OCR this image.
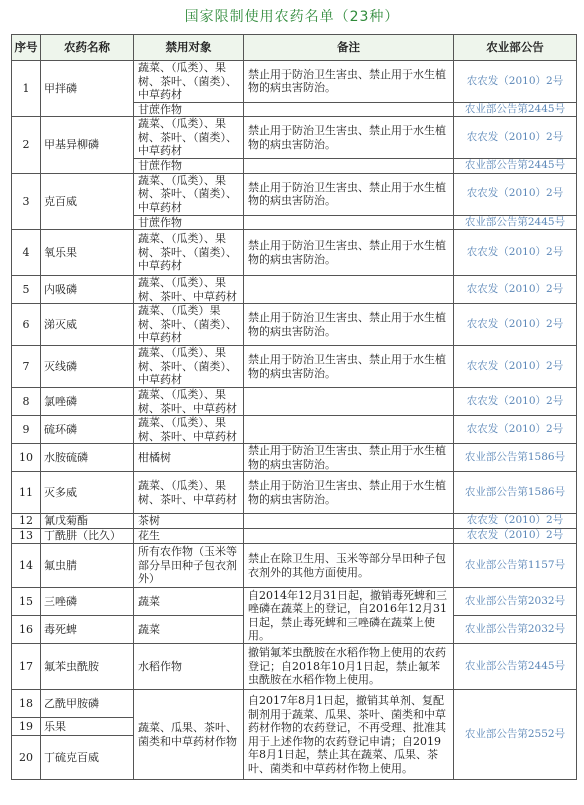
国家限制使用农药名单（23种）
序号	农药名称	禁用对象	备注	农业部公告
1	甲拌磷	蔬菜、（瓜类）、果树、茶叶、（菌类）、中草药材	禁止用于防治卫生害虫、禁止用于水生植物的病虫害防治。	农农发（2010）2号
		甘蔗作物		农业部公告第2445号
2	甲基异柳磷	蔬菜、（瓜类）、果树、茶叶、（菌类）、中草药材	禁止用于防治卫生害虫、禁止用于水生植物的病虫害防治。	农农发（2010）2号
		甘蔗作物		农业部公告第2445号
3	克百威	蔬菜、（瓜类）、果树、茶叶、（菌类）、中草药材	禁止用于防治卫生害虫、禁止用于水生植物的病虫害防治。	农农发（2010）2号
		甘蔗作物		农业部公告第2445号
4	氧乐果	蔬菜、（瓜类）、果树、茶叶、（菌类）、中草药材	禁止用于防治卫生害虫、禁止用于水生植物的病虫害防治。	农农发（2010）2号
5	内吸磷	蔬菜、（瓜类）、果树、茶叶、中草药材		农农发（2010）2号
6	涕灭威	蔬菜、（瓜类）果树、茶叶、（菌类）、中草药材	禁止用于防治卫生害虫、禁止用于水生植物的病虫害防治。	农农发（2010）2号
7	灭线磷	蔬菜、（瓜类）、果树、茶叶、（菌类）、中草药材	禁止用于防治卫生害虫、禁止用于水生植物的病虫害防治。	农农发（2010）2号
8	氯唑磷	蔬菜、（瓜类）、果树、茶叶、中草药材		农农发（2010）2号
9	硫环磷	蔬菜、（瓜类）、果树、茶叶、中草药材		农农发（2010）2号
10	水胺硫磷	柑橘树	禁止用于防治卫生害虫、禁止用于水生植物的病虫害防治。	农业部公告第1586号
11	灭多威	蔬菜、（瓜类）、果树、茶叶、中草药材	禁止用于防治卫生害虫、禁止用于水生植物的病虫害防治。	农业部公告第1586号
12	氰戊菊酯	茶树		农农发（2010）2号
13	丁酰肼（比久）	花生		农农发（2010）2号
14	氟虫腈	所有农作物（玉米等部分旱田种子包衣剂外）	禁止在除卫生用、玉米等部分旱田种子包衣剂外的其他方面使用。	农业部公告第1157号
15	三唑磷	蔬菜	自2014年12月31日起，撤销毒死蜱和三唑磷在蔬菜上的登记，自2016年12月31日起，禁止毒死蜱和三唑磷在蔬菜上使用。	农业部公告第2032号
16	毒死蜱	蔬菜		农业部公告第2032号
17	氟苯虫酰胺	水稻作物	撤销氟苯虫酰胺在水稻作物上使用的农药登记；自2018年10月1日起，禁止氟苯虫酰胺在水稻作物上使用。	农业部公告第2445号
18	乙酰甲胺磷	蔬菜、瓜果、茶叶、菌类和中草药材作物	自2017年8月1日起，撤销其单剂、复配制剂用于蔬菜、瓜果、茶叶、菌类和中草药材作物的农药登记，不再受理、批准其用于上述作物的农药登记申请；自2019年8月1日起，禁止其在蔬菜、瓜果、茶叶、菌类和中草药材作物上使用。	农业部公告第2552号
19	乐果			
20	丁硫克百威			
